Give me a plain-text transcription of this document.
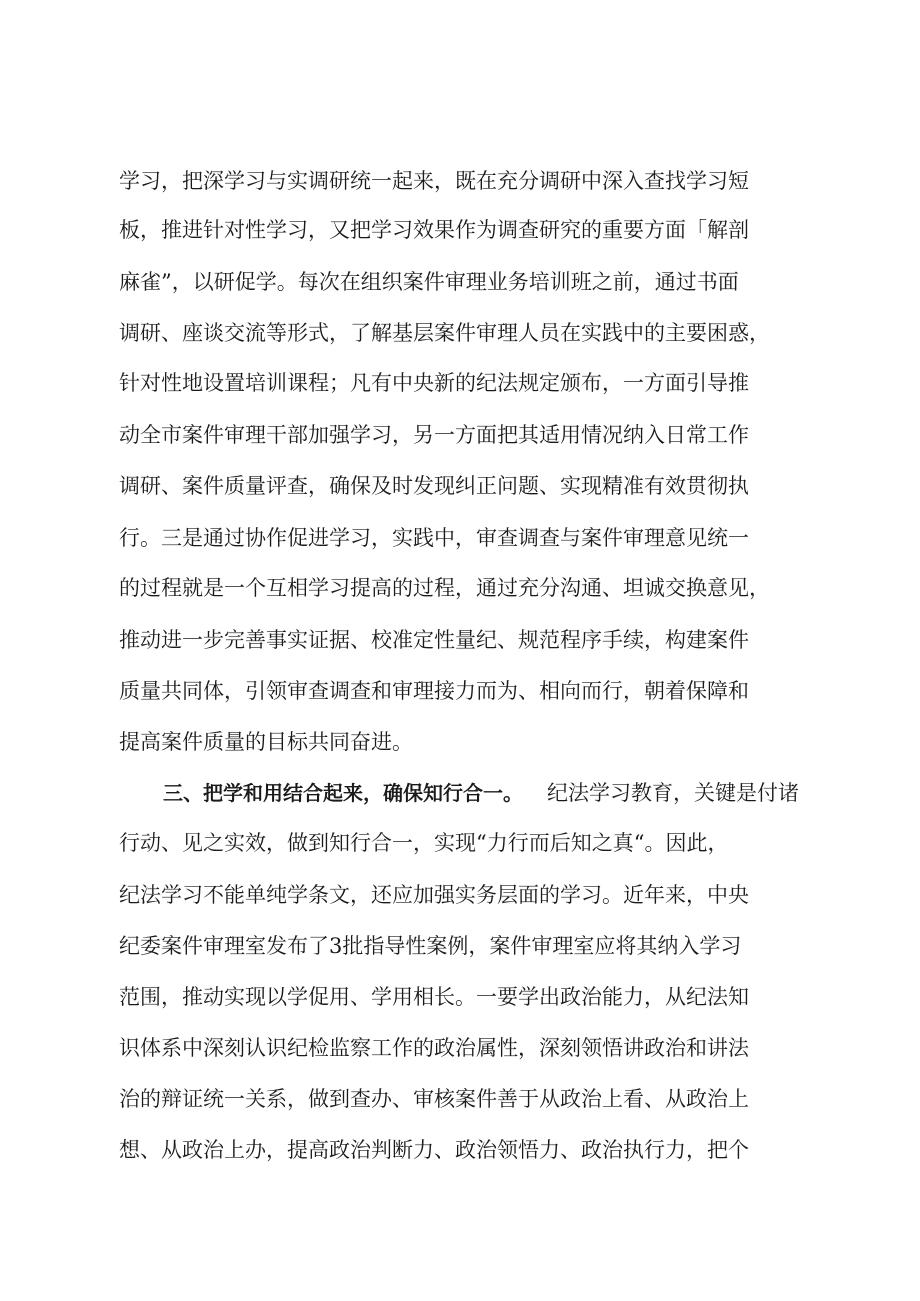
学习，把深学习与实调研统一起来，既在充分调研中深入查找学习短
板，推进针对性学习，又把学习效果作为调查研究的重要方面「解剖
麻雀”，以研促学。每次在组织案件审理业务培训班之前，通过书面
调研、座谈交流等形式，了解基层案件审理人员在实践中的主要困惑，
针对性地设置培训课程；凡有中央新的纪法规定颁布，一方面引导推
动全市案件审理干部加强学习，另一方面把其适用情况纳入日常工作
调研、案件质量评查，确保及时发现纠正问题、实现精准有效贯彻执
行。三是通过协作促进学习，实践中，审查调查与案件审理意见统一
的过程就是一个互相学习提高的过程，通过充分沟通、坦诚交换意见，
推动进一步完善事实证据、校准定性量纪、规范程序手续，构建案件
质量共同体，引领审查调查和审理接力而为、相向而行，朝着保障和
提高案件质量的目标共同奋进。
三、把学和用结合起来，确保知行合一。	纪法学习教育，关键是付诸
行动、见之实效，做到知行合一，实现“力行而后知之真“。因此，
纪法学习不能单纯学条文，还应加强实务层面的学习。近年来，中央
纪委案件审理室发布了3批指导性案例，案件审理室应将其纳入学习
范围，推动实现以学促用、学用相长。一要学出政治能力，从纪法知
识体系中深刻认识纪检监察工作的政治属性，深刻领悟讲政治和讲法
治的辩证统一关系，做到查办、审核案件善于从政治上看、从政治上
想、从政治上办，提高政治判断力、政治领悟力、政治执行力，把个
